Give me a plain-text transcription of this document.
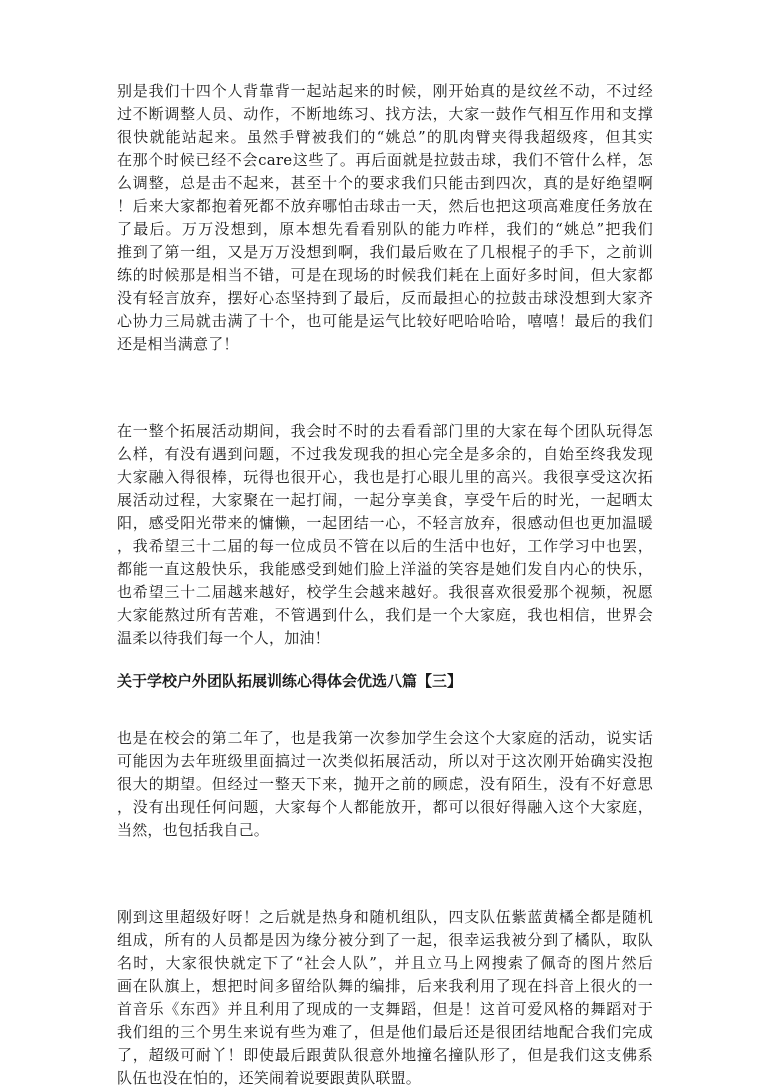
别是我们十四个人背靠背一起站起来的时候，刚开始真的是纹丝不动，不过经
过不断调整人员、动作，不断地练习、找方法，大家一鼓作气相互作用和支撑
很快就能站起来。虽然手臂被我们的“姚总”的肌肉臂夹得我超级疼，但其实
在那个时候已经不会care这些了。再后面就是拉鼓击球，我们不管什么样，怎
么调整，总是击不起来，甚至十个的要求我们只能击到四次，真的是好绝望啊
！后来大家都抱着死都不放弃哪怕击球击一天，然后也把这项高难度任务放在
了最后。万万没想到，原本想先看看别队的能力咋样，我们的“姚总”把我们
推到了第一组，又是万万没想到啊，我们最后败在了几根棍子的手下，之前训
练的时候那是相当不错，可是在现场的时候我们耗在上面好多时间，但大家都
没有轻言放弃，摆好心态坚持到了最后，反而最担心的拉鼓击球没想到大家齐
心协力三局就击满了十个，也可能是运气比较好吧哈哈哈，嘻嘻！最后的我们
还是相当满意了！
在一整个拓展活动期间，我会时不时的去看看部门里的大家在每个团队玩得怎
么样，有没有遇到问题，不过我发现我的担心完全是多余的，自始至终我发现
大家融入得很棒，玩得也很开心，我也是打心眼儿里的高兴。我很享受这次拓
展活动过程，大家聚在一起打闹，一起分享美食，享受午后的时光，一起晒太
阳，感受阳光带来的慵懒，一起团结一心，不轻言放弃，很感动但也更加温暖
，我希望三十二届的每一位成员不管在以后的生活中也好，工作学习中也罢，
都能一直这般快乐，我能感受到她们脸上洋溢的笑容是她们发自内心的快乐，
也希望三十二届越来越好，校学生会越来越好。我很喜欢很爱那个视频，祝愿
大家能熬过所有苦难，不管遇到什么，我们是一个大家庭，我也相信，世界会
温柔以待我们每一个人，加油！
关于学校户外团队拓展训练心得体会优选八篇【三】
也是在校会的第二年了，也是我第一次参加学生会这个大家庭的活动，说实话
可能因为去年班级里面搞过一次类似拓展活动，所以对于这次刚开始确实没抱
很大的期望。但经过一整天下来，抛开之前的顾虑，没有陌生，没有不好意思
，没有出现任何问题，大家每个人都能放开，都可以很好得融入这个大家庭，
当然，也包括我自己。
刚到这里超级好呀！之后就是热身和随机组队，四支队伍紫蓝黄橘全都是随机
组成，所有的人员都是因为缘分被分到了一起，很幸运我被分到了橘队，取队
名时，大家很快就定下了“社会人队”，并且立马上网搜索了佩奇的图片然后
画在队旗上，想把时间多留给队舞的编排，后来我利用了现在抖音上很火的一
首音乐《东西》并且利用了现成的一支舞蹈，但是！这首可爱风格的舞蹈对于
我们组的三个男生来说有些为难了，但是他们最后还是很团结地配合我们完成
了，超级可耐丫！即使最后跟黄队很意外地撞名撞队形了，但是我们这支佛系
队伍也没在怕的，还笑闹着说要跟黄队联盟。
